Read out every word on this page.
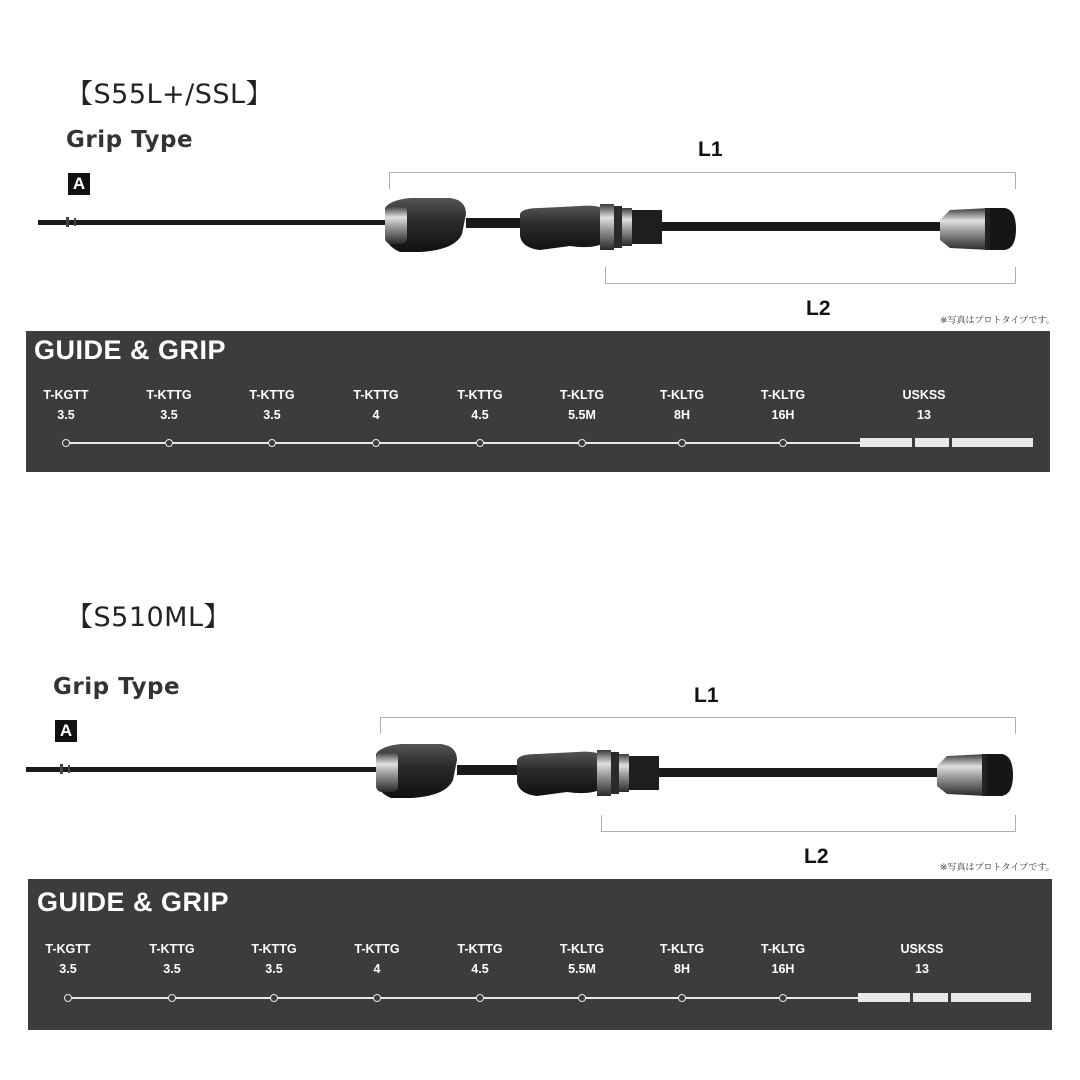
【S55L+/SSL】
Grip Type
A
L1
L2
※写真はプロトタイプです。
GUIDE & GRIP
T-KGTT
3.5
T-KTTG
3.5
T-KTTG
3.5
T-KTTG
4
T-KTTG
4.5
T-KLTG
5.5M
T-KLTG
8H
T-KLTG
16H
USKSS
13
【S510ML】
Grip Type
A
L1
L2	※写真はプロトタイプです。
GUIDE & GRIP
T-KGTT
3.5
T-KTTG
3.5
T-KTTG
3.5
T-KTTG
4
T-KTTG
4.5
T-KLTG
5.5M
T-KLTG
8H
T-KLTG
16H
USKSS
13
